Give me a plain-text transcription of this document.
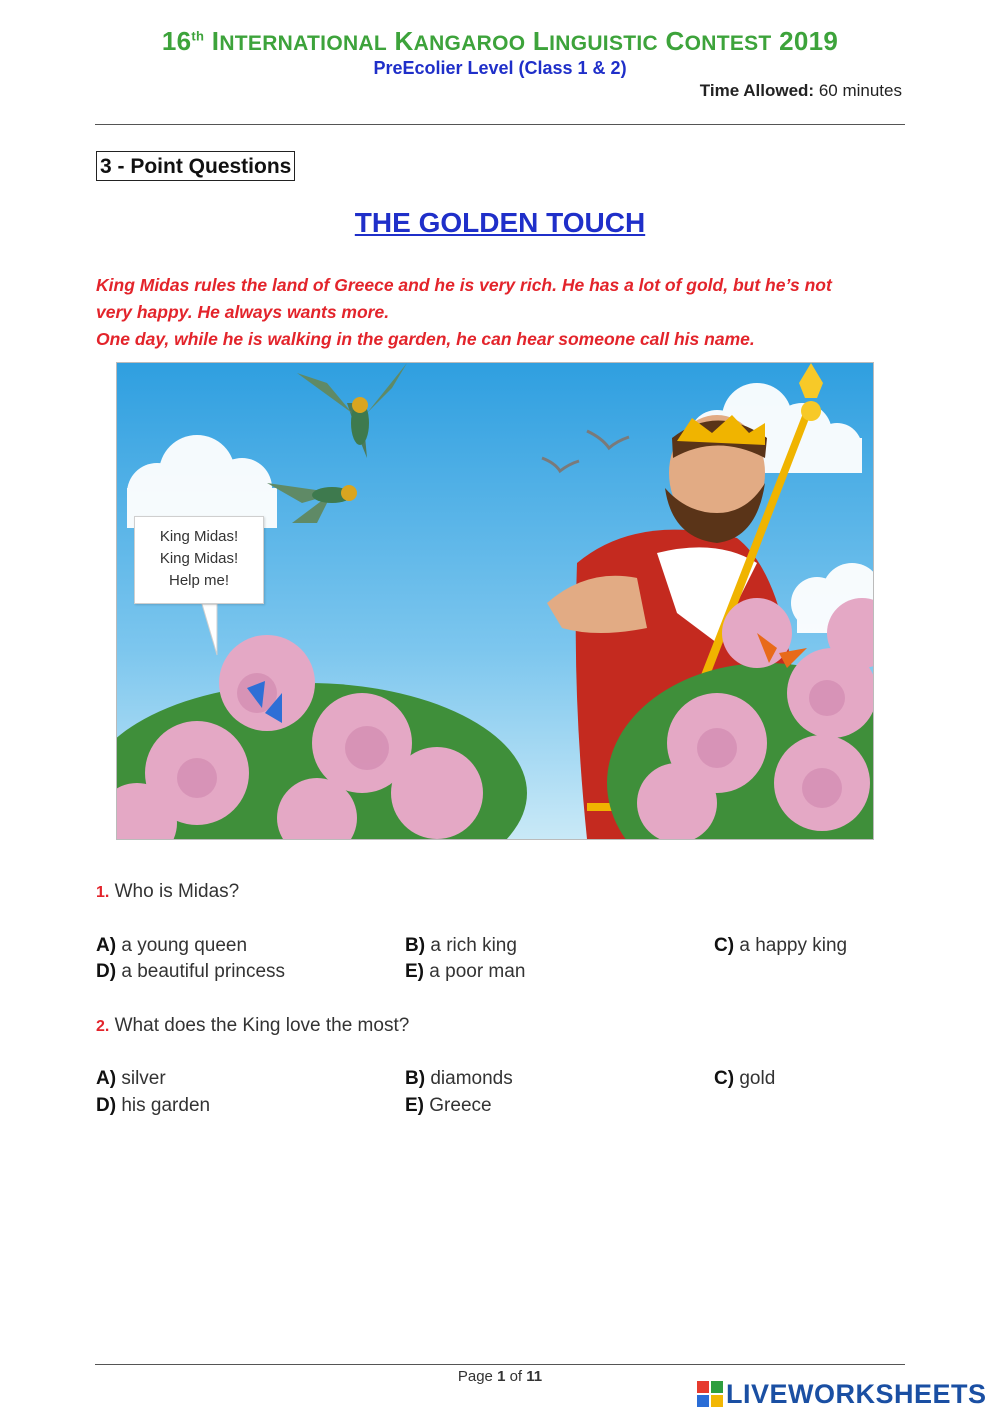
16th INTERNATIONAL KANGAROO LINGUISTIC CONTEST 2019
PreEcolier Level (Class 1 & 2)
Time Allowed: 60 minutes
3 - Point Questions
THE GOLDEN TOUCH

King Midas rules the land of Greece and he is very rich. He has a lot of gold, but he’s not

very happy. He always wants more.

One day, while he is walking in the garden, he can hear someone call his name.

King Midas!
King Midas!
Help me!
1. Who is Midas?
A) a young queen	B) a rich king	C) a happy king
D) a beautiful princess	E) a poor man
2. What does the King love the most?
A) silver	B) diamonds	C) gold
D) his garden	E) Greece
Page 1 of 11
LIVEWORKSHEETS
